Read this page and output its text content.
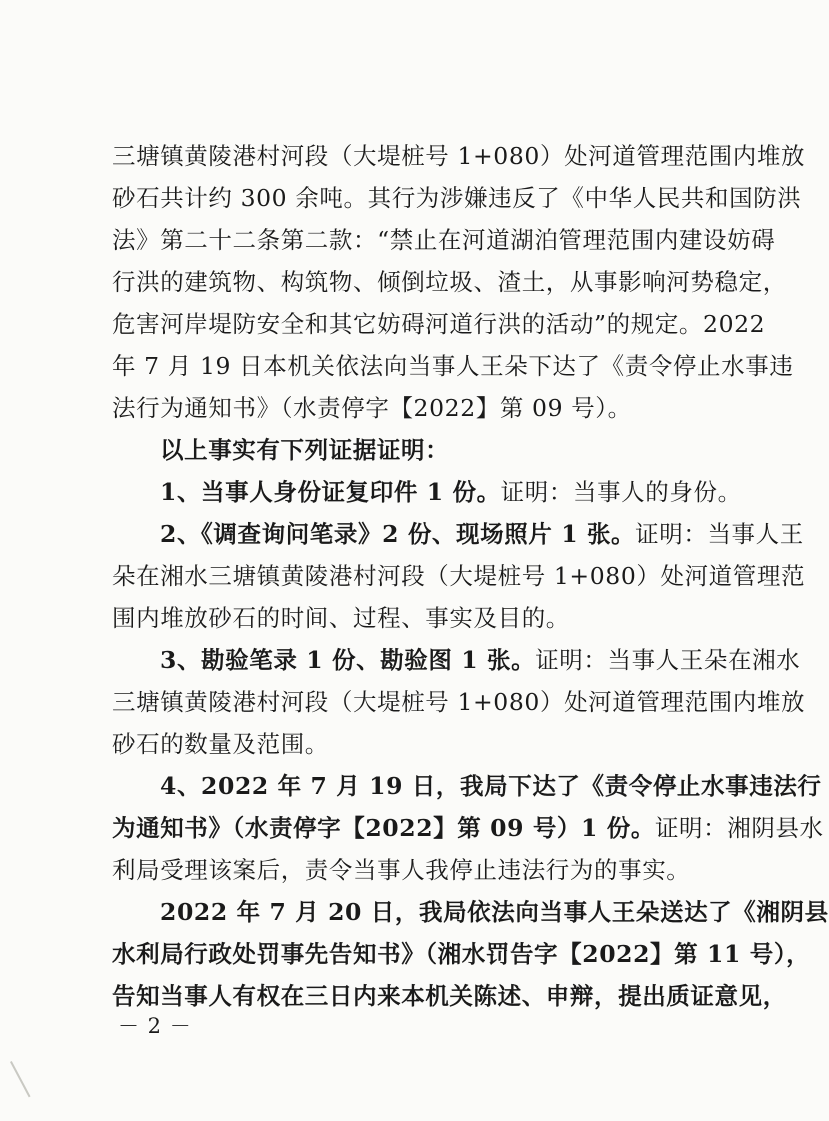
三塘镇黄陵港村河段（大堤桩号 1+080）处河道管理范围内堆放
砂石共计约 300 余吨。其行为涉嫌违反了《中华人民共和国防洪
法》第二十二条第二款：“禁止在河道湖泊管理范围内建设妨碍
行洪的建筑物、构筑物、倾倒垃圾、渣土，从事影响河势稳定，
危害河岸堤防安全和其它妨碍河道行洪的活动”的规定。2022
年 7 月 19 日本机关依法向当事人王朵下达了《责令停止水事违
法行为通知书》（水责停字【2022】第 09 号）。
以上事实有下列证据证明：
1、当事人身份证复印件 1 份。证明：当事人的身份。
2、《调查询问笔录》2 份、现场照片 1 张。证明：当事人王
朵在湘水三塘镇黄陵港村河段（大堤桩号 1+080）处河道管理范
围内堆放砂石的时间、过程、事实及目的。
3、勘验笔录 1 份、勘验图 1 张。证明：当事人王朵在湘水
三塘镇黄陵港村河段（大堤桩号 1+080）处河道管理范围内堆放
砂石的数量及范围。
4、2022 年 7 月 19 日，我局下达了《责令停止水事违法行
为通知书》（水责停字【2022】第 09 号）1 份。证明：湘阴县水
利局受理该案后，责令当事人我停止违法行为的事实。
2022 年 7 月 20 日，我局依法向当事人王朵送达了《湘阴县
水利局行政处罚事先告知书》（湘水罚告字【2022】第 11 号），
告知当事人有权在三日内来本机关陈述、申辩，提出质证意见，
－ 2 －
